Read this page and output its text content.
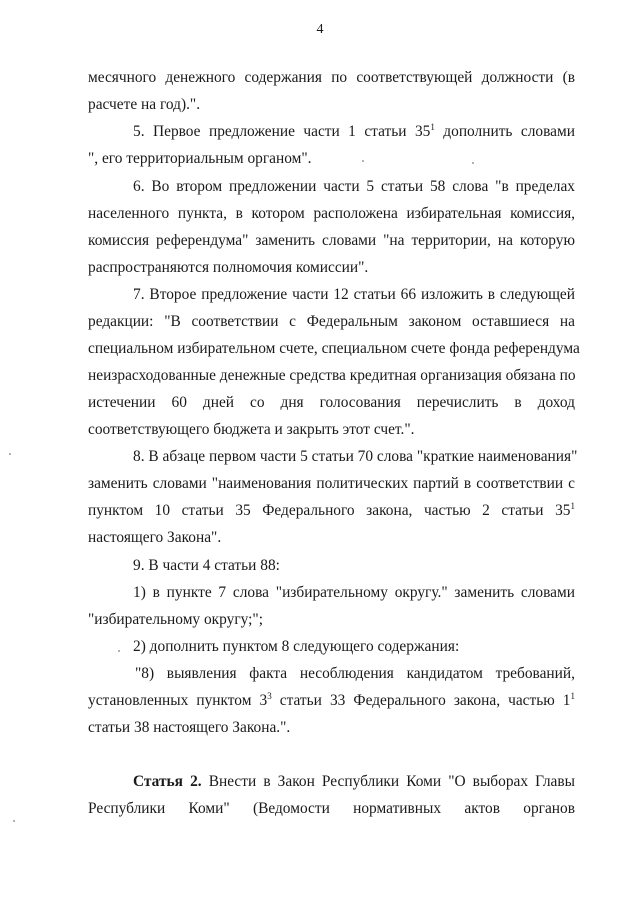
4
месячного денежного содержания по соответствующей должности (в
расчете на год).".
5. Первое предложение части 1 статьи $35^1$ дополнить словами
", его территориальным органом".
6. Во втором предложении части 5 статьи 58 слова "в пределах
населенного пункта, в котором расположена избирательная комиссия,
комиссия референдума" заменить словами "на территории, на которую
распространяются полномочия комиссии".
7. Второе предложение части 12 статьи 66 изложить в следующей
редакции: "В соответствии с Федеральным законом оставшиеся на
специальном избирательном счете, специальном счете фонда референдума
неизрасходованные денежные средства кредитная организация обязана по
истечении 60 дней со дня голосования перечислить в доход
соответствующего бюджета и закрыть этот счет.".
8. В абзаце первом части 5 статьи 70 слова "краткие наименования"
заменить словами "наименования политических партий в соответствии с
пунктом 10 статьи 35 Федерального закона, частью 2 статьи $35^1$
настоящего Закона".
9. В части 4 статьи 88:
1) в пункте 7 слова "избирательному округу." заменить словами
"избирательному округу;";
2) дополнить пунктом 8 следующего содержания:
"8) выявления факта несоблюдения кандидатом требований,
установленных пунктом $3^3$ статьи 33 Федерального закона, частью $1^1$
статьи 38 настоящего Закона.".
Статья 2. Внести в Закон Республики Коми "О выборах Главы
Республики Коми" (Ведомости нормативных актов органов
